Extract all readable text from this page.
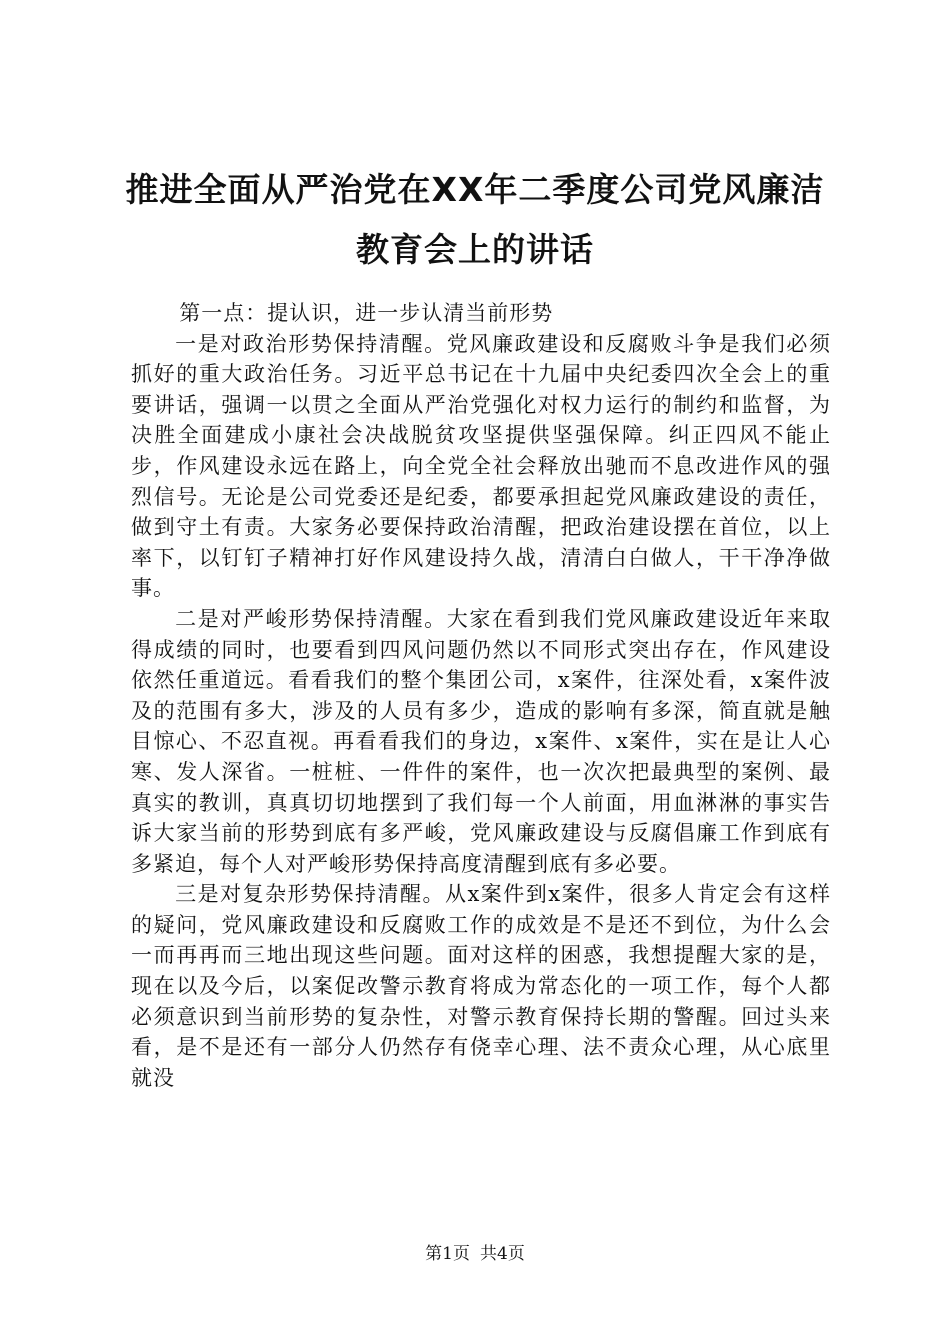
推进全面从严治党在XX年二季度公司党风廉洁教育会上的讲话

第一点：提认识，进一步认清当前形势

一是对政治形势保持清醒。党风廉政建设和反腐败斗争是我们必须抓好的重大政治任务。习近平总书记在十九届中央纪委四次全会上的重要讲话，强调一以贯之全面从严治党强化对权力运行的制约和监督，为决胜全面建成小康社会决战脱贫攻坚提供坚强保障。纠正四风不能止步，作风建设永远在路上，向全党全社会释放出驰而不息改进作风的强烈信号。无论是公司党委还是纪委，都要承担起党风廉政建设的责任，做到守土有责。大家务必要保持政治清醒，把政治建设摆在首位，以上率下，以钉钉子精神打好作风建设持久战，清清白白做人，干干净净做事。

二是对严峻形势保持清醒。大家在看到我们党风廉政建设近年来取得成绩的同时，也要看到四风问题仍然以不同形式突出存在，作风建设依然任重道远。看看我们的整个集团公司，x案件，往深处看，x案件波及的范围有多大，涉及的人员有多少，造成的影响有多深，简直就是触目惊心、不忍直视。再看看我们的身边，x案件、x案件，实在是让人心寒、发人深省。一桩桩、一件件的案件，也一次次把最典型的案例、最真实的教训，真真切切地摆到了我们每一个人前面，用血淋淋的事实告诉大家当前的形势到底有多严峻，党风廉政建设与反腐倡廉工作到底有多紧迫，每个人对严峻形势保持高度清醒到底有多必要。

三是对复杂形势保持清醒。从x案件到x案件，很多人肯定会有这样的疑问，党风廉政建设和反腐败工作的成效是不是还不到位，为什么会一而再再而三地出现这些问题。面对这样的困惑，我想提醒大家的是，现在以及今后，以案促改警示教育将成为常态化的一项工作，每个人都必须意识到当前形势的复杂性，对警示教育保持长期的警醒。回过头来看，是不是还有一部分人仍然存有侥幸心理、法不责众心理，从心底里就没

第1页 共4页
